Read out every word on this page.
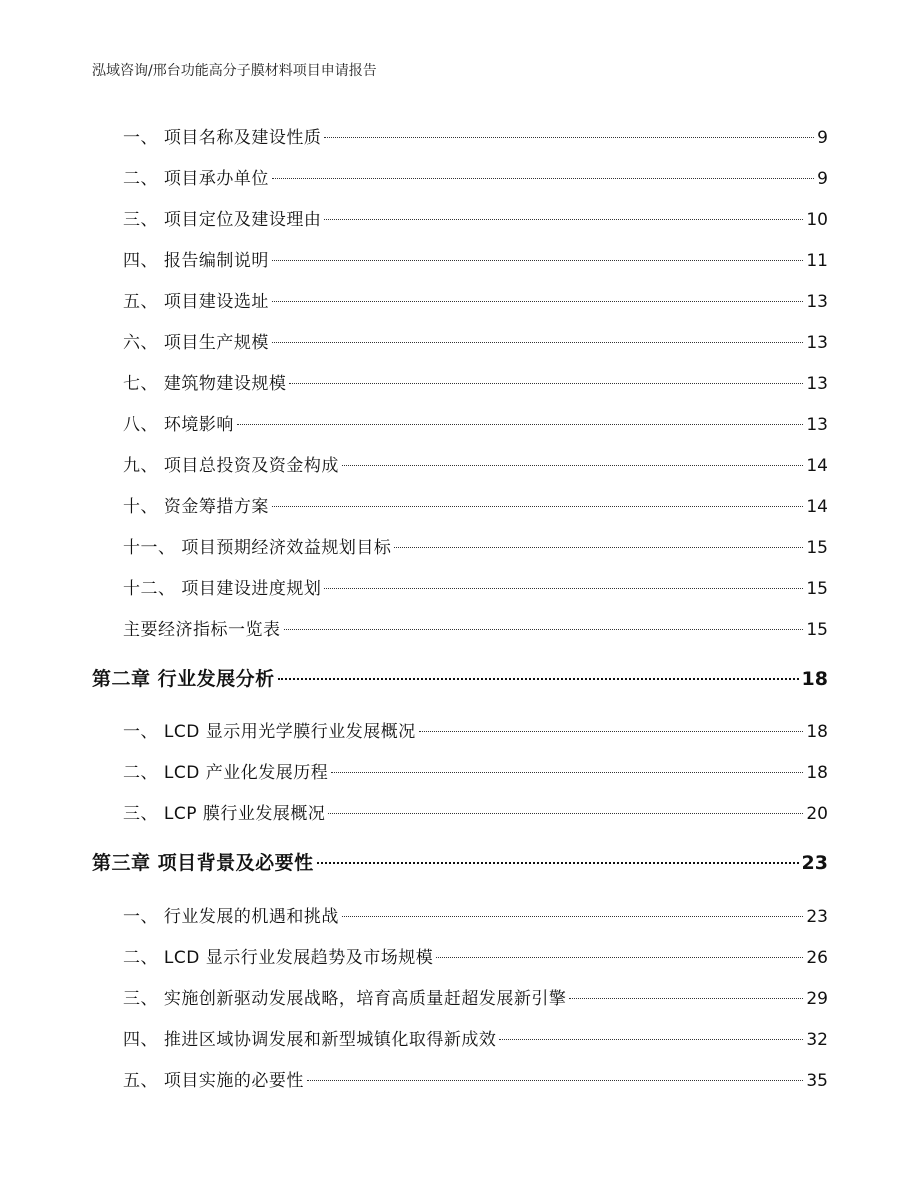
泓域咨询/邢台功能高分子膜材料项目申请报告
一、 项目名称及建设性质	9
二、 项目承办单位	9
三、 项目定位及建设理由	10
四、 报告编制说明	11
五、 项目建设选址	13
六、 项目生产规模	13
七、 建筑物建设规模	13
八、 环境影响	13
九、 项目总投资及资金构成	14
十、 资金筹措方案	14
十一、 项目预期经济效益规划目标	15
十二、 项目建设进度规划	15
主要经济指标一览表	15
第二章 行业发展分析	18
一、 LCD 显示用光学膜行业发展概况	18
二、 LCD 产业化发展历程	18
三、 LCP 膜行业发展概况	20
第三章 项目背景及必要性	23
一、 行业发展的机遇和挑战	23
二、 LCD 显示行业发展趋势及市场规模	26
三、 实施创新驱动发展战略，培育高质量赶超发展新引擎	29
四、 推进区域协调发展和新型城镇化取得新成效	32
五、 项目实施的必要性	35
